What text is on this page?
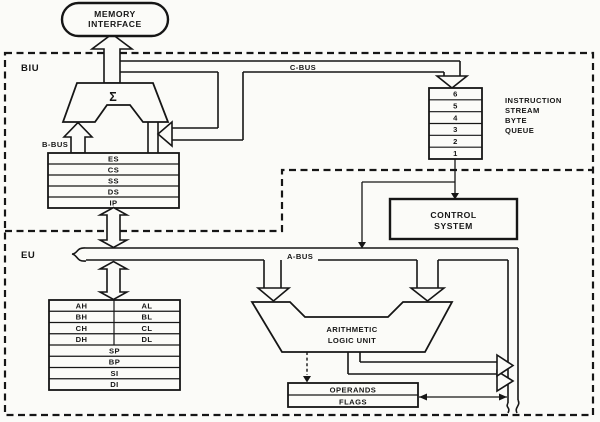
MEMORY
INTERFACE
BIU
EU
Σ
B-BUS
C-BUS
A-BUS
ES
CS
SS
DS
IP
6
5
4
3
2
1
INSTRUCTION
STREAM
BYTE
QUEUE
CONTROL
SYSTEM
AH	AL
BH	BL
CH	CL
DH	DL
SP
BP
SI
DI
ARITHMETIC
LOGIC UNIT
OPERANDS
FLAGS
